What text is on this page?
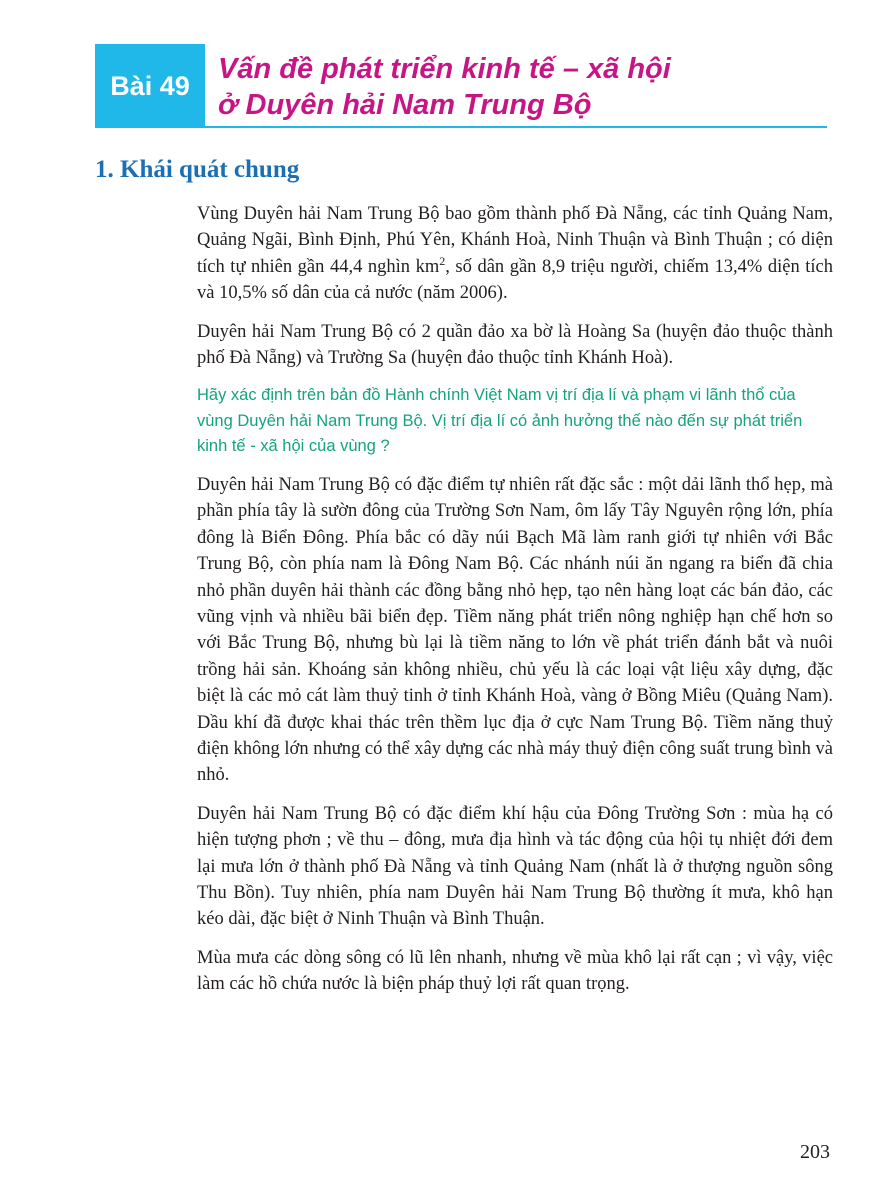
Bài 49
Vấn đề phát triển kinh tế – xã hội
ở Duyên hải Nam Trung Bộ
1. Khái quát chung

Vùng Duyên hải Nam Trung Bộ bao gồm thành phố Đà Nẵng, các tỉnh Quảng Nam, Quảng Ngãi, Bình Định, Phú Yên, Khánh Hoà, Ninh Thuận và Bình Thuận ; có diện tích tự nhiên gần 44,4 nghìn $km^2$, số dân gần 8,9 triệu người, chiếm 13,4% diện tích và 10,5% số dân của cả nước (năm 2006).

Duyên hải Nam Trung Bộ có 2 quần đảo xa bờ là Hoàng Sa (huyện đảo thuộc thành phố Đà Nẵng) và Trường Sa (huyện đảo thuộc tỉnh Khánh Hoà).

Hãy xác định trên bản đồ Hành chính Việt Nam vị trí địa lí và phạm vi lãnh thổ của vùng Duyên hải Nam Trung Bộ. Vị trí địa lí có ảnh hưởng thế nào đến sự phát triển kinh tế - xã hội của vùng ?

Duyên hải Nam Trung Bộ có đặc điểm tự nhiên rất đặc sắc : một dải lãnh thổ hẹp, mà phần phía tây là sườn đông của Trường Sơn Nam, ôm lấy Tây Nguyên rộng lớn, phía đông là Biển Đông. Phía bắc có dãy núi Bạch Mã làm ranh giới tự nhiên với Bắc Trung Bộ, còn phía nam là Đông Nam Bộ. Các nhánh núi ăn ngang ra biển đã chia nhỏ phần duyên hải thành các đồng bằng nhỏ hẹp, tạo nên hàng loạt các bán đảo, các vũng vịnh và nhiều bãi biển đẹp. Tiềm năng phát triển nông nghiệp hạn chế hơn so với Bắc Trung Bộ, nhưng bù lại là tiềm năng to lớn về phát triển đánh bắt và nuôi trồng hải sản. Khoáng sản không nhiều, chủ yếu là các loại vật liệu xây dựng, đặc biệt là các mỏ cát làm thuỷ tinh ở tỉnh Khánh Hoà, vàng ở Bồng Miêu (Quảng Nam). Dầu khí đã được khai thác trên thềm lục địa ở cực Nam Trung Bộ. Tiềm năng thuỷ điện không lớn nhưng có thể xây dựng các nhà máy thuỷ điện công suất trung bình và nhỏ.

Duyên hải Nam Trung Bộ có đặc điểm khí hậu của Đông Trường Sơn : mùa hạ có hiện tượng phơn ; về thu – đông, mưa địa hình và tác động của hội tụ nhiệt đới đem lại mưa lớn ở thành phố Đà Nẵng và tỉnh Quảng Nam (nhất là ở thượng nguồn sông Thu Bồn). Tuy nhiên, phía nam Duyên hải Nam Trung Bộ thường ít mưa, khô hạn kéo dài, đặc biệt ở Ninh Thuận và Bình Thuận.

Mùa mưa các dòng sông có lũ lên nhanh, nhưng về mùa khô lại rất cạn ; vì vậy, việc làm các hồ chứa nước là biện pháp thuỷ lợi rất quan trọng.

203
